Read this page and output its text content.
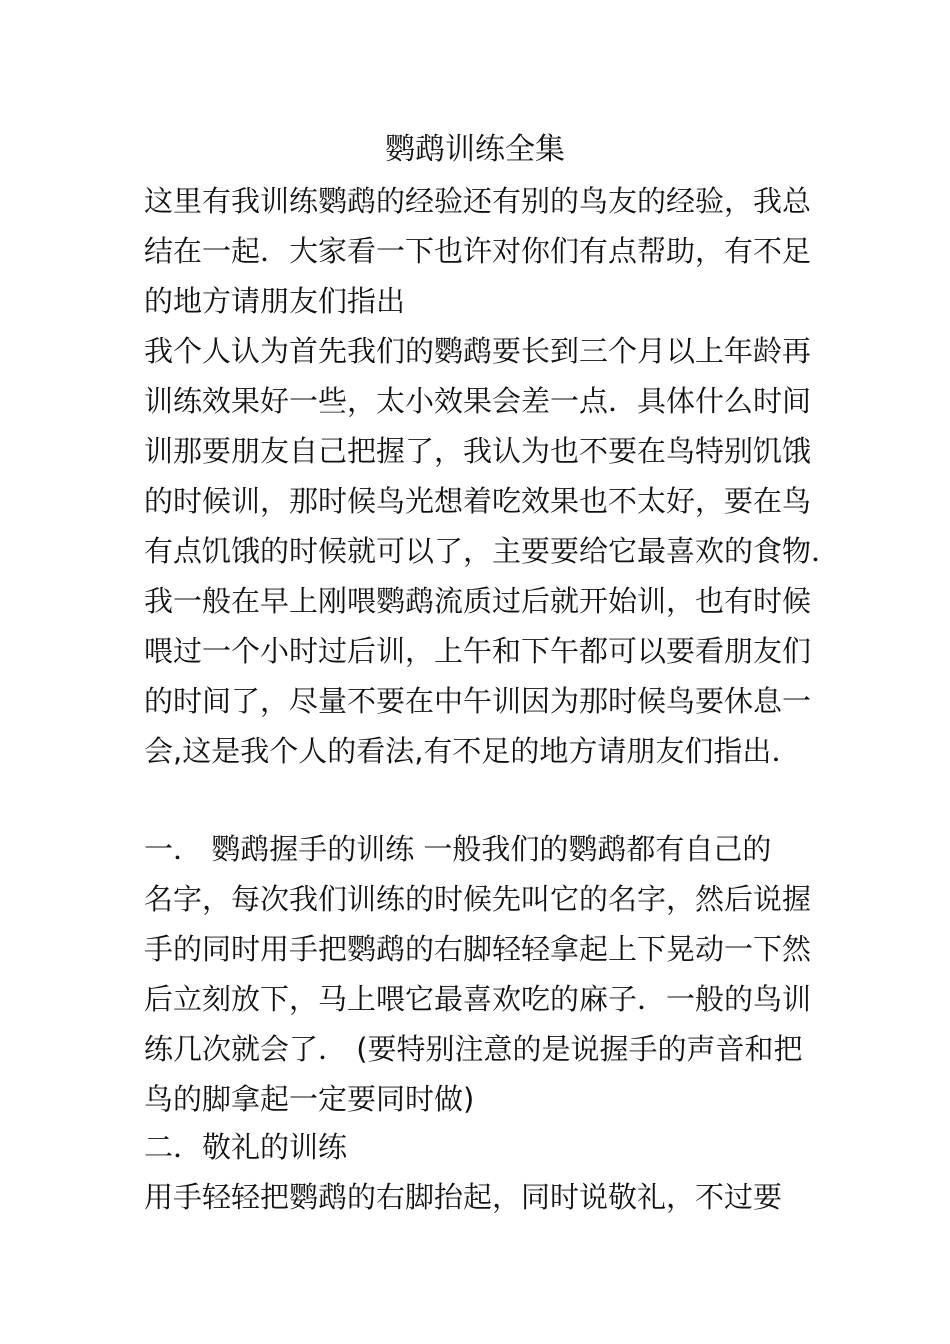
鹦鹉训练全集
这里有我训练鹦鹉的经验还有别的鸟友的经验，我总
结在一起．大家看一下也许对你们有点帮助，有不足
的地方请朋友们指出
我个人认为首先我们的鹦鹉要长到三个月以上年龄再
训练效果好一些，太小效果会差一点．具体什么时间
训那要朋友自己把握了，我认为也不要在鸟特别饥饿
的时候训，那时候鸟光想着吃效果也不太好，要在鸟
有点饥饿的时候就可以了，主要要给它最喜欢的食物．
我一般在早上刚喂鹦鹉流质过后就开始训，也有时候
喂过一个小时过后训，上午和下午都可以要看朋友们
的时间了，尽量不要在中午训因为那时候鸟要休息一
会,这是我个人的看法,有不足的地方请朋友们指出．
一． 鹦鹉握手的训练 一般我们的鹦鹉都有自己的
名字，每次我们训练的时候先叫它的名字，然后说握
手的同时用手把鹦鹉的右脚轻轻拿起上下晃动一下然
后立刻放下，马上喂它最喜欢吃的麻子．一般的鸟训
练几次就会了． (要特别注意的是说握手的声音和把
鸟的脚拿起一定要同时做)
二．敬礼的训练
用手轻轻把鹦鹉的右脚抬起，同时说敬礼，不过要
